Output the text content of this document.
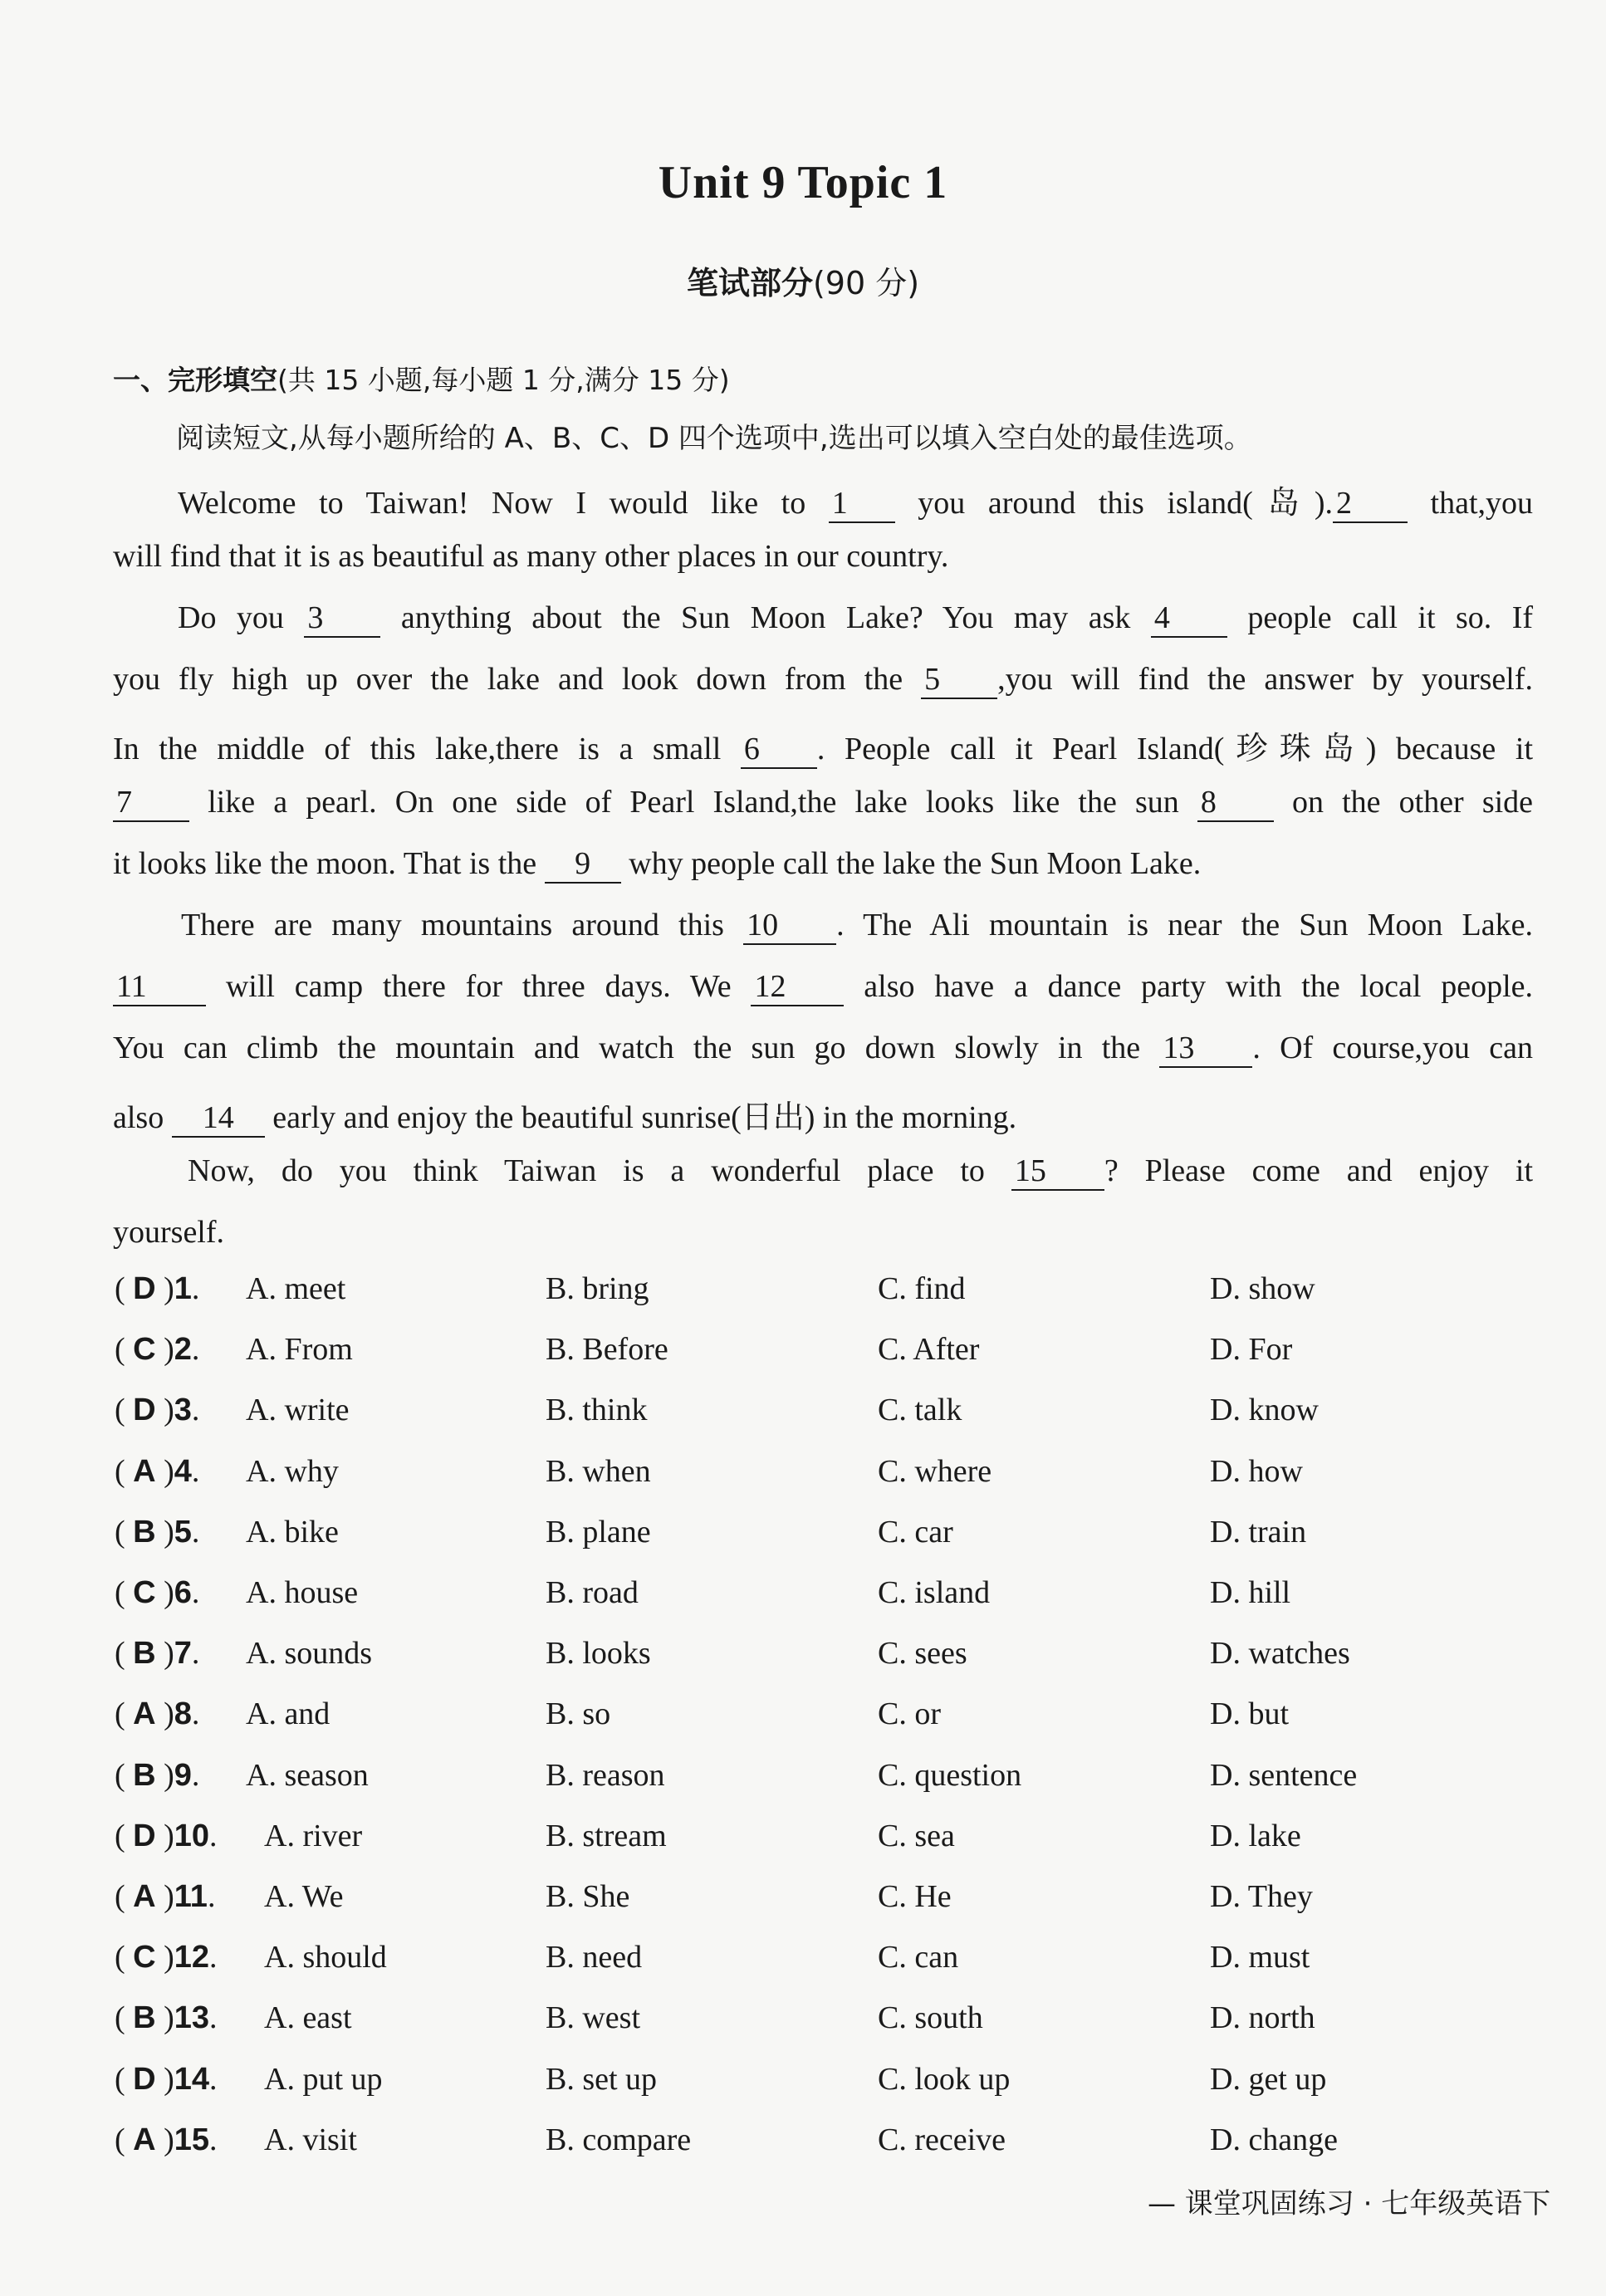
Unit 9 Topic 1
笔试部分(90 分)
一、完形填空(共 15 小题,每小题 1 分,满分 15 分)
阅读短文,从每小题所给的 A、B、C、D 四个选项中,选出可以填入空白处的最佳选项。
Welcome to Taiwan! Now I would like to 1 you around this island(岛). 2 that,you
will find that it is as beautiful as many other places in our country.
Do you 3 anything about the Sun Moon Lake? You may ask 4 people call it so. If
you fly high up over the lake and look down from the 5 ,you will find the answer by yourself.
In the middle of this lake,there is a small 6 . People call it Pearl Island(珍珠岛) because it
7 like a pearl. On one side of Pearl Island,the lake looks like the sun 8 on the other side
it looks like the moon. That is the 9 why people call the lake the Sun Moon Lake.
There are many mountains around this 10 . The Ali mountain is near the Sun Moon Lake.
11	will camp there for three days. We 12 also have a dance party with the local people.
You can climb the mountain and watch the sun go down slowly in the 13 . Of course,you can
also 14 early and enjoy the beautiful sunrise(日出) in the morning.
Now, do you think Taiwan is a wonderful place to 15 ? Please come and enjoy it
yourself.
( D )1. A. meet	B. bring	C. find	D. show
( C )2. A. From	B. Before	C. After	D. For
( D )3. A. write	B. think	C. talk	D. know
( A )4. A. why	B. when	C. where	D. how
( B )5. A. bike	B. plane	C. car	D. train
( C )6. A. house	B. road	C. island	D. hill
( B )7. A. sounds	B. looks	C. sees	D. watches
( A )8. A. and	B. so	C. or	D. but
( B )9. A. season	B. reason	C. question	D. sentence
( D )10. A. river	B. stream	C. sea	D. lake
( A )11. A. We	B. She	C. He	D. They
( C )12. A. should	B. need	C. can	D. must
( B )13. A. east	B. west	C. south	D. north
( D )14. A. put up	B. set up	C. look up	D. get up
( A )15. A. visit	B. compare	C. receive	D. change
— 课堂巩固练习 · 七年级英语下
